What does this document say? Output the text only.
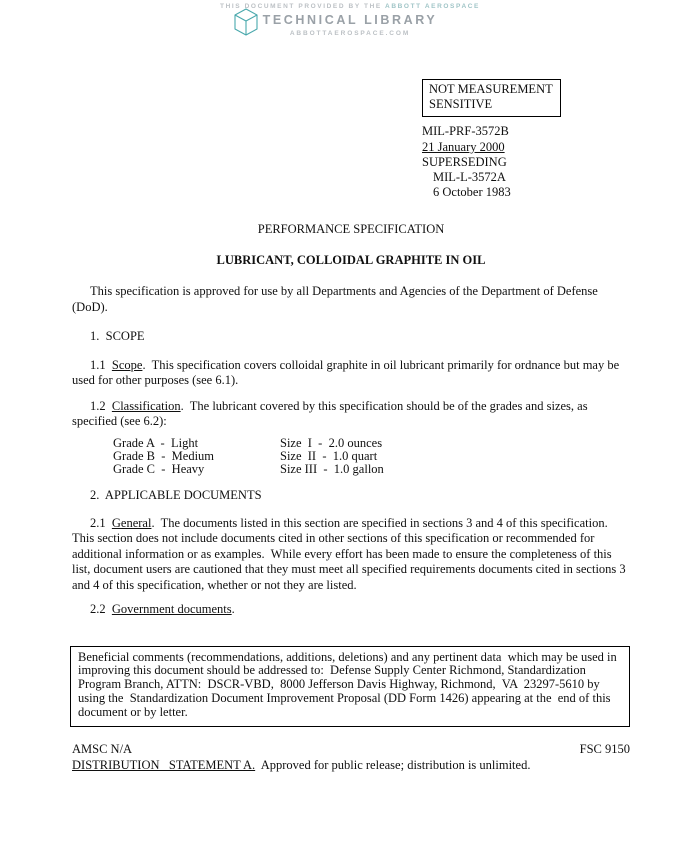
THIS DOCUMENT PROVIDED BY THE ABBOTT AEROSPACE
TECHNICAL LIBRARY
ABBOTTAEROSPACE.COM
NOT MEASUREMENT
SENSITIVE
MIL-PRF-3572B
21 January 2000
SUPERSEDING
MIL-L-3572A
6 October 1983

PERFORMANCE SPECIFICATION

LUBRICANT, COLLOIDAL GRAPHITE IN OIL

This specification is approved for use by all Departments and Agencies of the Department of Defense (DoD).

1.  SCOPE

1.1  Scope.  This specification covers colloidal graphite in oil lubricant primarily for ordnance but may be used for other purposes (see 6.1).

1.2  Classification.  The lubricant covered by this specification should be of the grades and sizes, as specified (see 6.2):

Grade A  -  Light	Size  I  -  2.0 ounces
Grade B  -  Medium	Size  II  -  1.0 quart
Grade C  -  Heavy	Size III  -  1.0 gallon

2.  APPLICABLE DOCUMENTS

2.1  General.  The documents listed in this section are specified in sections 3 and 4 of this specification.  This section does not include documents cited in other sections of this specification or recommended for additional information or as examples.  While every effort has been made to ensure the completeness of this list, document users are cautioned that they must meet all specified requirements documents cited in sections 3 and 4 of this specification, whether or not they are listed.

2.2  Government documents.

Beneficial comments (recommendations, additions, deletions) and any pertinent data  which may be used in improving this document should be addressed to:  Defense Supply Center Richmond, Standardization Program Branch, ATTN:  DSCR-VBD,  8000 Jefferson Davis Highway, Richmond,  VA  23297-5610 by using the  Standardization Document Improvement Proposal (DD Form 1426) appearing at the  end of this document or by letter.
AMSC N/A	FSC 9150

DISTRIBUTION   STATEMENT A.  Approved for public release; distribution is unlimited.
